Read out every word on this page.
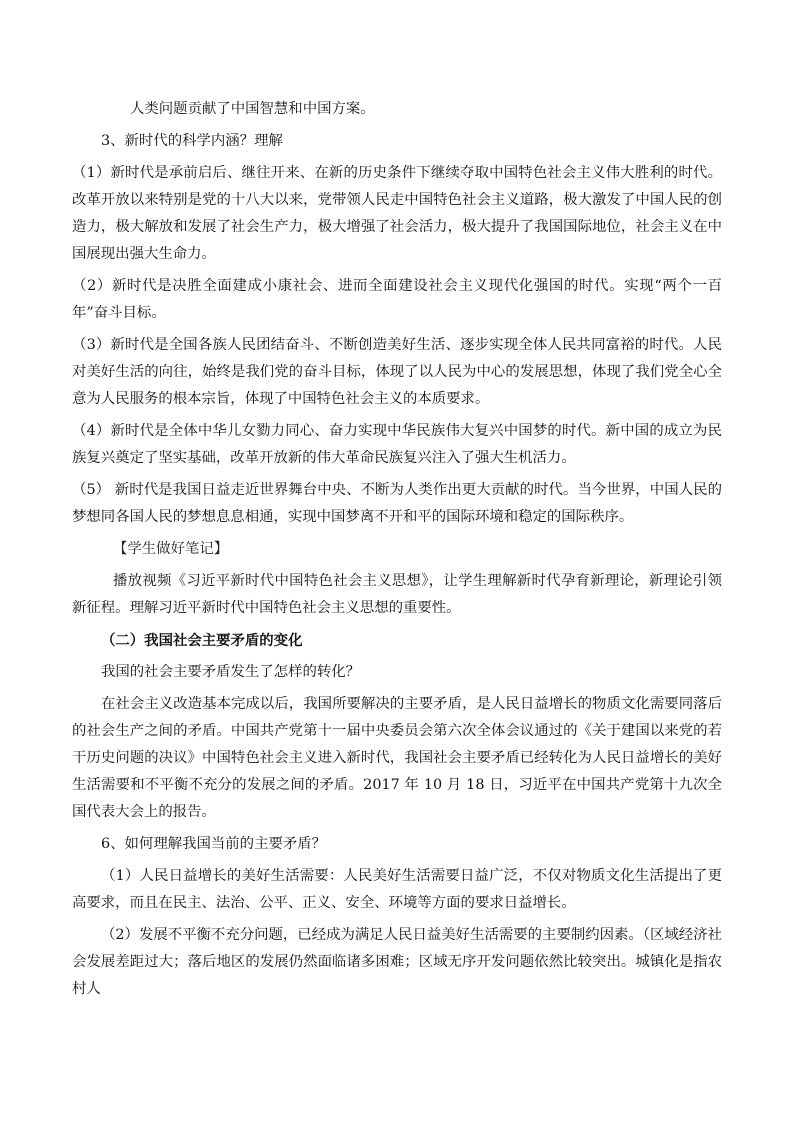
人类问题贡献了中国智慧和中国方案。

3、新时代的科学内涵？理解

（1）新时代是承前启后、继往开来、在新的历史条件下继续夺取中国特色社会主义伟大胜利的时代。改革开放以来特别是党的十八大以来，党带领人民走中国特色社会主义道路，极大激发了中国人民的创造力，极大解放和发展了社会生产力，极大增强了社会活力，极大提升了我国国际地位，社会主义在中国展现出强大生命力。

（2）新时代是决胜全面建成小康社会、进而全面建设社会主义现代化强国的时代。实现“两个一百年”奋斗目标。

（3）新时代是全国各族人民团结奋斗、不断创造美好生活、逐步实现全体人民共同富裕的时代。人民对美好生活的向往，始终是我们党的奋斗目标，体现了以人民为中心的发展思想，体现了我们党全心全意为人民服务的根本宗旨，体现了中国特色社会主义的本质要求。

（4）新时代是全体中华儿女勠力同心、奋力实现中华民族伟大复兴中国梦的时代。新中国的成立为民族复兴奠定了坚实基础，改革开放新的伟大革命民族复兴注入了强大生机活力。

（5） 新时代是我国日益走近世界舞台中央、不断为人类作出更大贡献的时代。当今世界，中国人民的梦想同各国人民的梦想息息相通，实现中国梦离不开和平的国际环境和稳定的国际秩序。

【学生做好笔记】

播放视频《习近平新时代中国特色社会主义思想》，让学生理解新时代孕育新理论，新理论引领新征程。理解习近平新时代中国特色社会主义思想的重要性。

（二）我国社会主要矛盾的变化

我国的社会主要矛盾发生了怎样的转化？

在社会主义改造基本完成以后，我国所要解决的主要矛盾，是人民日益增长的物质文化需要同落后的社会生产之间的矛盾。中国共产党第十一届中央委员会第六次全体会议通过的《关于建国以来党的若干历史问题的决议》中国特色社会主义进入新时代，我国社会主要矛盾已经转化为人民日益增长的美好生活需要和不平衡不充分的发展之间的矛盾。2017 年 10 月 18 日，习近平在中国共产党第十九次全国代表大会上的报告。

6、如何理解我国当前的主要矛盾？

（1）人民日益增长的美好生活需要：人民美好生活需要日益广泛，不仅对物质文化生活提出了更高要求，而且在民主、法治、公平、正义、安全、环境等方面的要求日益增长。

（2）发展不平衡不充分问题，已经成为满足人民日益美好生活需要的主要制约因素。（区域经济社会发展差距过大；落后地区的发展仍然面临诸多困难；区域无序开发问题依然比较突出。城镇化是指农村人
